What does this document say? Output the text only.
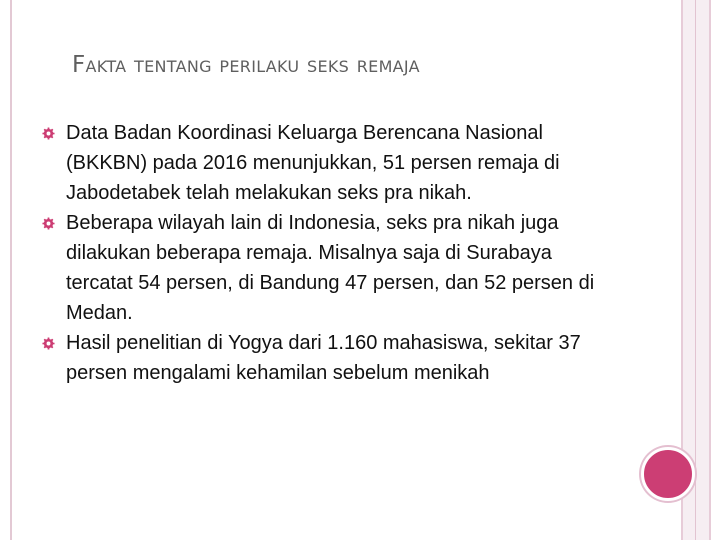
Fakta tentang perilaku seks remaja
Data Badan Koordinasi Keluarga Berencana Nasional (BKKBN) pada 2016 menunjukkan, 51 persen remaja di Jabodetabek telah melakukan seks pra nikah.
Beberapa wilayah lain di Indonesia, seks pra nikah juga dilakukan beberapa remaja. Misalnya saja di Surabaya tercatat 54 persen, di Bandung 47 persen, dan 52 persen di Medan.
Hasil penelitian di Yogya dari 1.160 mahasiswa, sekitar 37 persen mengalami kehamilan sebelum menikah
